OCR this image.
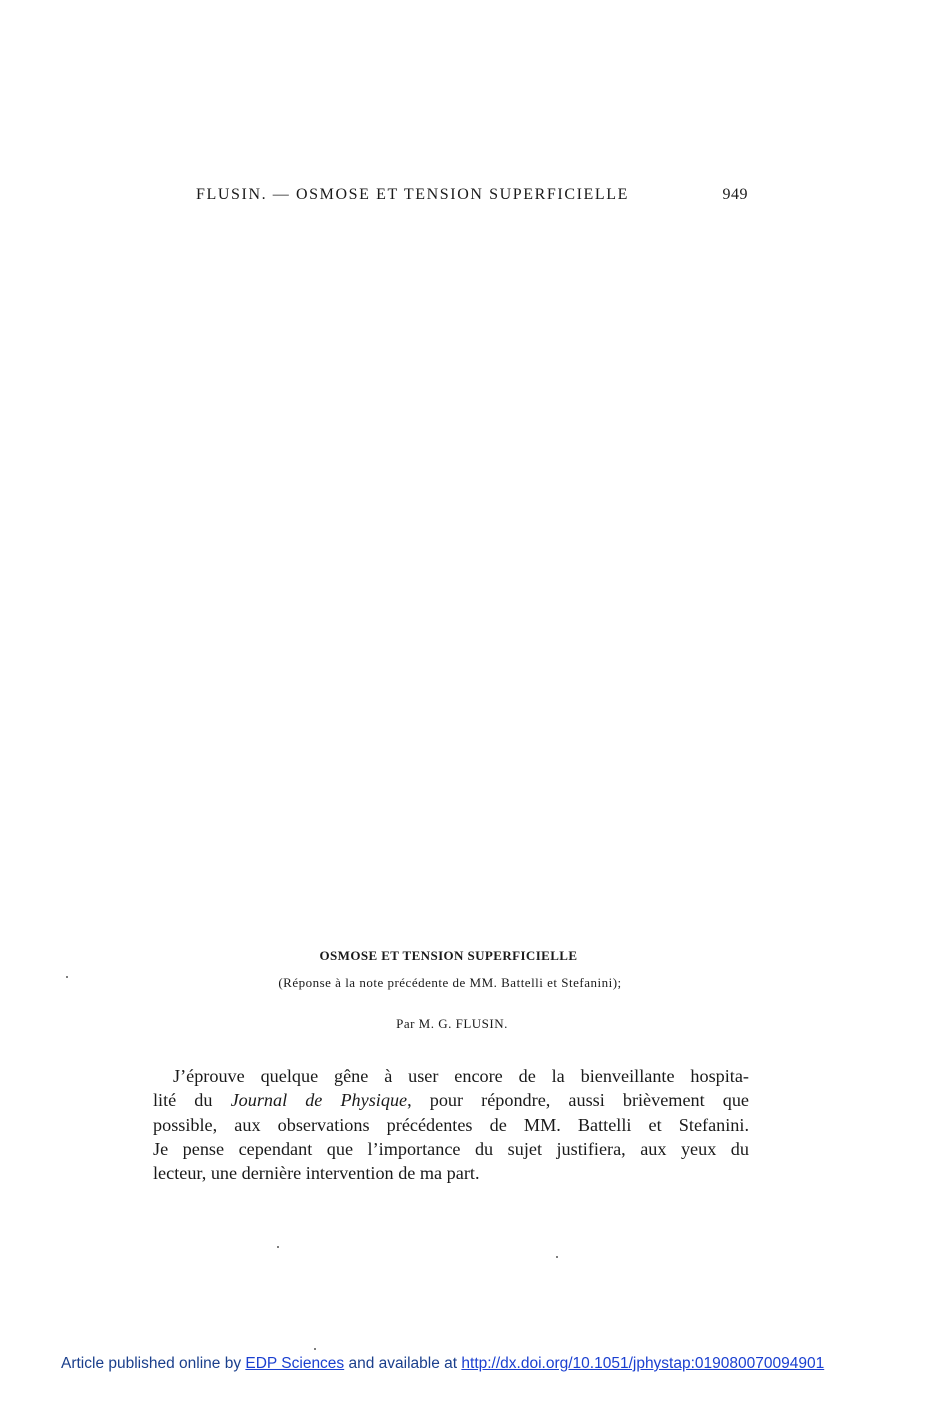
FLUSIN. — OSMOSE ET TENSION SUPERFICIELLE	949
OSMOSE ET TENSION SUPERFICIELLE
(Réponse à la note précédente de MM. Battelli et Stefanini);
Par M. G. FLUSIN.
J’éprouve quelque gêne à user encore de la bienveillante hospita-
lité du Journal de Physique, pour répondre, aussi brièvement que
possible, aux observations précédentes de MM. Battelli et Stefanini.
Je pense cependant que l’importance du sujet justifiera, aux yeux du
lecteur, une dernière intervention de ma part.
Article published online by EDP Sciences and available at http://dx.doi.org/10.1051/jphystap:019080070094901
